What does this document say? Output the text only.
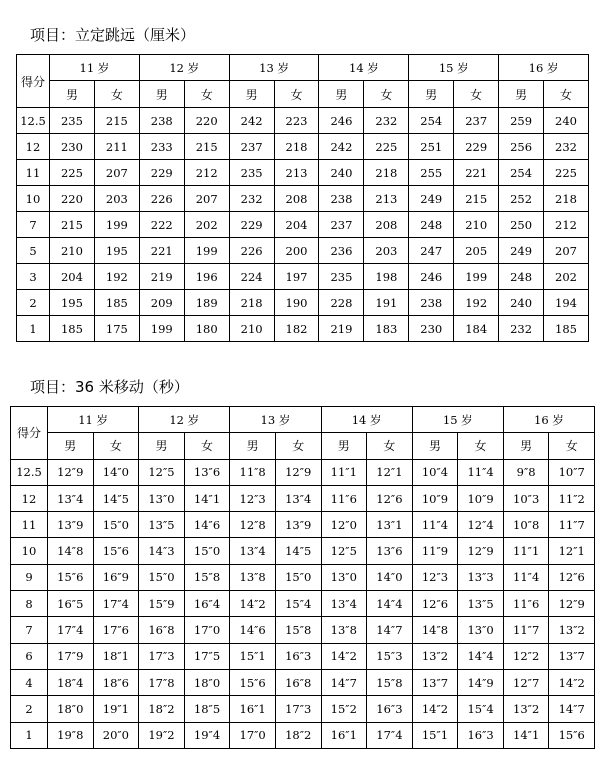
项目：立定跳远（厘米）
得分	11 岁		12 岁		13 岁		14 岁		15 岁		16 岁	
	男	女	男	女	男	女	男	女	男	女	男	女
12.5	235	215	238	220	242	223	246	232	254	237	259	240
12	230	211	233	215	237	218	242	225	251	229	256	232
11	225	207	229	212	235	213	240	218	255	221	254	225
10	220	203	226	207	232	208	238	213	249	215	252	218
7	215	199	222	202	229	204	237	208	248	210	250	212
5	210	195	221	199	226	200	236	203	247	205	249	207
3	204	192	219	196	224	197	235	198	246	199	248	202
2	195	185	209	189	218	190	228	191	238	192	240	194
1	185	175	199	180	210	182	219	183	230	184	232	185
项目：36 米移动（秒）
得分	11 岁		12 岁		13 岁		14 岁		15 岁		16 岁	
	男	女	男	女	男	女	男	女	男	女	男	女
12.5	12″9	14″0	12″5	13″6	11″8	12″9	11″1	12″1	10″4	11″4	9″8	10″7
12	13″4	14″5	13″0	14″1	12″3	13″4	11″6	12″6	10″9	10″9	10″3	11″2
11	13″9	15″0	13″5	14″6	12″8	13″9	12″0	13″1	11″4	12″4	10″8	11″7
10	14″8	15″6	14″3	15″0	13″4	14″5	12″5	13″6	11″9	12″9	11″1	12″1
9	15″6	16″9	15″0	15″8	13″8	15″0	13″0	14″0	12″3	13″3	11″4	12″6
8	16″5	17″4	15″9	16″4	14″2	15″4	13″4	14″4	12″6	13″5	11″6	12″9
7	17″4	17″6	16″8	17″0	14″6	15″8	13″8	14″7	14″8	13″0	11″7	13″2
6	17″9	18″1	17″3	17″5	15″1	16″3	14″2	15″3	13″2	14″4	12″2	13″7
4	18″4	18″6	17″8	18″0	15″6	16″8	14″7	15″8	13″7	14″9	12″7	14″2
2	18″0	19″1	18″2	18″5	16″1	17″3	15″2	16″3	14″2	15″4	13″2	14″7
1	19″8	20″0	19″2	19″4	17″0	18″2	16″1	17″4	15″1	16″3	14″1	15″6
